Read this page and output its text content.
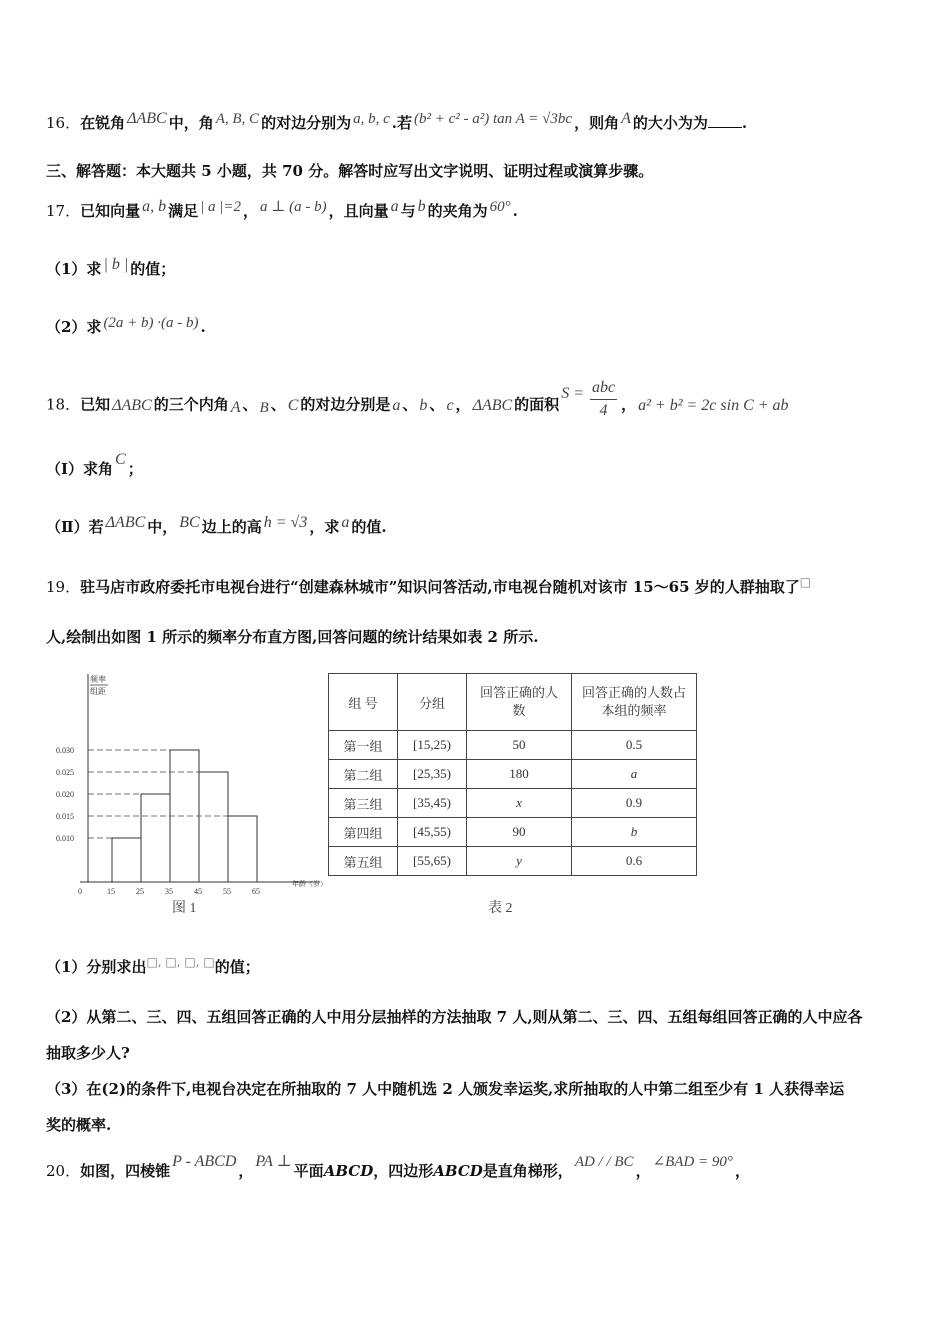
16．在锐角 ΔABC 中，角 A, B, C 的对边分别为 a, b, c .若 (b² + c² - a²) tan A = √3bc ，则角 A 的大小为为 .
三、解答题：本大题共 5 小题，共 70 分。解答时应写出文字说明、证明过程或演算步骤。
17．已知向量 a, b 满足 | a |=2 ， a ⊥ (a - b) ，且向量 a 与 b 的夹角为 60° .
（1）求 | b | 的值；
（2）求 (2a + b) ·(a - b) .
18．已知 ΔABC 的三个内角 A 、 B 、 C 的对边分别是 a 、 b 、 c ， ΔABC 的面积$S = \frac{\text{abc}}{4}$ ， a² + b² = 2c sin C + ab
（Ⅰ）求角C；
（Ⅱ）若 ΔABC 中， BC 边上的高 h = √3 ，求 a 的值.
19．驻马店市政府委托市电视台进行“创建森林城市”知识问答活动,市电视台随机对该市 15～65 岁的人群抽取了□
人,绘制出如图 1 所示的频率分布直方图,回答问题的统计结果如表 2 所示.
频率
组距
0.010
0.015
0.020
0.025
0.030
0	15	25	35	45	55	65
年龄（岁）
图 1
组 号	分组	回答正确的人数	回答正确的人数占本组的频率
第一组	[15,25)	50	0.5
第二组	[25,35)	180	a
第三组	[35,45)	x	0.9
第四组	[45,55)	90	b
第五组	[55,65)	y	0.6
表 2
（1）分别求出□, □, □, □的值；
（2）从第二、三、四、五组回答正确的人中用分层抽样的方法抽取 7 人,则从第二、三、四、五组每组回答正确的人中应各
抽取多少人?
（3）在(2)的条件下,电视台决定在所抽取的 7 人中随机选 2 人颁发幸运奖,求所抽取的人中第二组至少有 1 人获得幸运
奖的概率.
20．如图，四棱锥P - ABCD，PA ⊥平面ABCD，四边形ABCD是直角梯形， AD / / BC ， ∠BAD = 90° ，
